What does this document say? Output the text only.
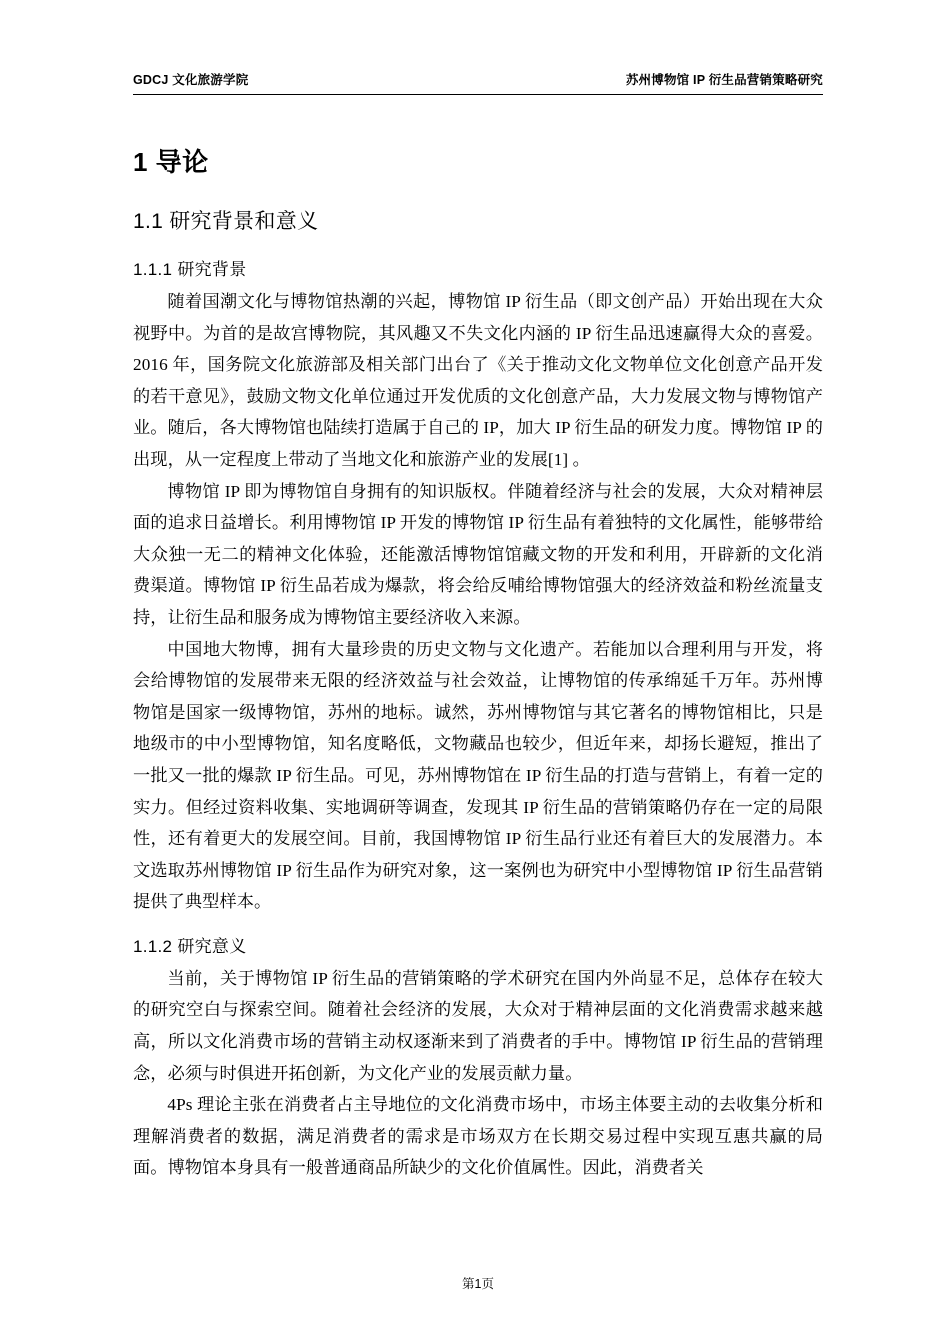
GDCJ 文化旅游学院	苏州博物馆 IP 衍生品营销策略研究
1 导论
1.1 研究背景和意义
1.1.1 研究背景

随着国潮文化与博物馆热潮的兴起，博物馆 IP 衍生品（即文创产品）开始出现在大众视野中。为首的是故宫博物院，其风趣又不失文化内涵的 IP 衍生品迅速赢得大众的喜爱。2016 年，国务院文化旅游部及相关部门出台了《关于推动文化文物单位文化创意产品开发的若干意见》，鼓励文物文化单位通过开发优质的文化创意产品，大力发展文物与博物馆产业。随后，各大博物馆也陆续打造属于自己的 IP，加大 IP 衍生品的研发力度。博物馆 IP 的出现，从一定程度上带动了当地文化和旅游产业的发展[1] 。

博物馆 IP 即为博物馆自身拥有的知识版权。伴随着经济与社会的发展，大众对精神层面的追求日益增长。利用博物馆 IP 开发的博物馆 IP 衍生品有着独特的文化属性，能够带给大众独一无二的精神文化体验，还能激活博物馆馆藏文物的开发和利用，开辟新的文化消费渠道。博物馆 IP 衍生品若成为爆款，将会给反哺给博物馆强大的经济效益和粉丝流量支持，让衍生品和服务成为博物馆主要经济收入来源。

中国地大物博，拥有大量珍贵的历史文物与文化遗产。若能加以合理利用与开发，将会给博物馆的发展带来无限的经济效益与社会效益，让博物馆的传承绵延千万年。苏州博物馆是国家一级博物馆，苏州的地标。诚然，苏州博物馆与其它著名的博物馆相比，只是地级市的中小型博物馆，知名度略低，文物藏品也较少，但近年来，却扬长避短，推出了一批又一批的爆款 IP 衍生品。可见，苏州博物馆在 IP 衍生品的打造与营销上，有着一定的实力。但经过资料收集、实地调研等调查，发现其 IP 衍生品的营销策略仍存在一定的局限性，还有着更大的发展空间。目前，我国博物馆 IP 衍生品行业还有着巨大的发展潜力。本文选取苏州博物馆 IP 衍生品作为研究对象，这一案例也为研究中小型博物馆 IP 衍生品营销提供了典型样本。

1.1.2 研究意义

当前，关于博物馆 IP 衍生品的营销策略的学术研究在国内外尚显不足，总体存在较大的研究空白与探索空间。随着社会经济的发展，大众对于精神层面的文化消费需求越来越高，所以文化消费市场的营销主动权逐渐来到了消费者的手中。博物馆 IP 衍生品的营销理念，必须与时俱进开拓创新，为文化产业的发展贡献力量。

4Ps 理论主张在消费者占主导地位的文化消费市场中，市场主体要主动的去收集分析和理解消费者的数据，满足消费者的需求是市场双方在长期交易过程中实现互惠共赢的局面。博物馆本身具有一般普通商品所缺少的文化价值属性。因此，消费者关

第1页
